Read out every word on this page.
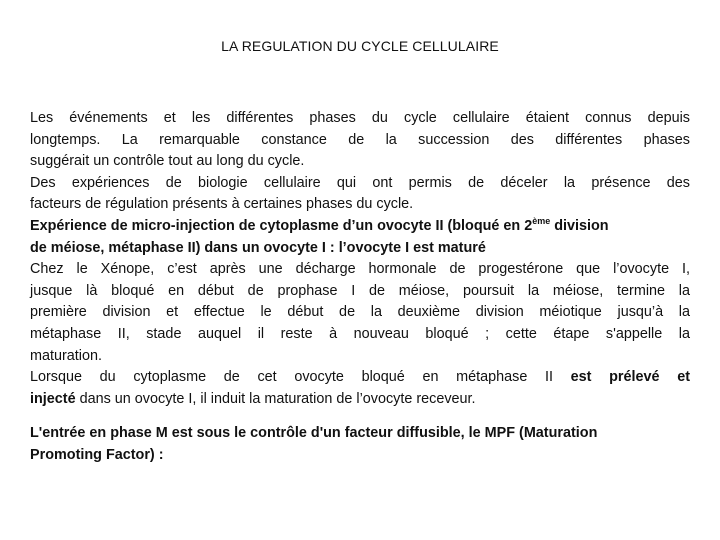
LA REGULATION DU CYCLE CELLULAIRE
Les événements et les différentes phases du cycle cellulaire étaient connus depuis
longtemps. La remarquable constance de la succession des différentes phases
suggérait un contrôle tout au long du cycle.
Des expériences de biologie cellulaire qui ont permis de déceler la présence des
facteurs de régulation présents à certaines phases du cycle.
Expérience de micro-injection de cytoplasme d’un ovocyte II (bloqué en 2ème division
de méiose, métaphase II) dans un ovocyte I : l’ovocyte I est maturé
Chez le Xénope, c’est après une décharge hormonale de progestérone que l’ovocyte I,
jusque là bloqué en début de prophase I de méiose, poursuit la méiose, termine la
première division et effectue le début de la deuxième division méiotique jusqu’à la
métaphase II, stade auquel il reste à nouveau bloqué ; cette étape s'appelle la
maturation.
Lorsque du cytoplasme de cet ovocyte bloqué en métaphase II est prélevé et
injecté dans un ovocyte I, il induit la maturation de l’ovocyte receveur.
L'entrée en phase M est sous le contrôle d'un facteur diffusible, le MPF (Maturation
Promoting Factor) :
